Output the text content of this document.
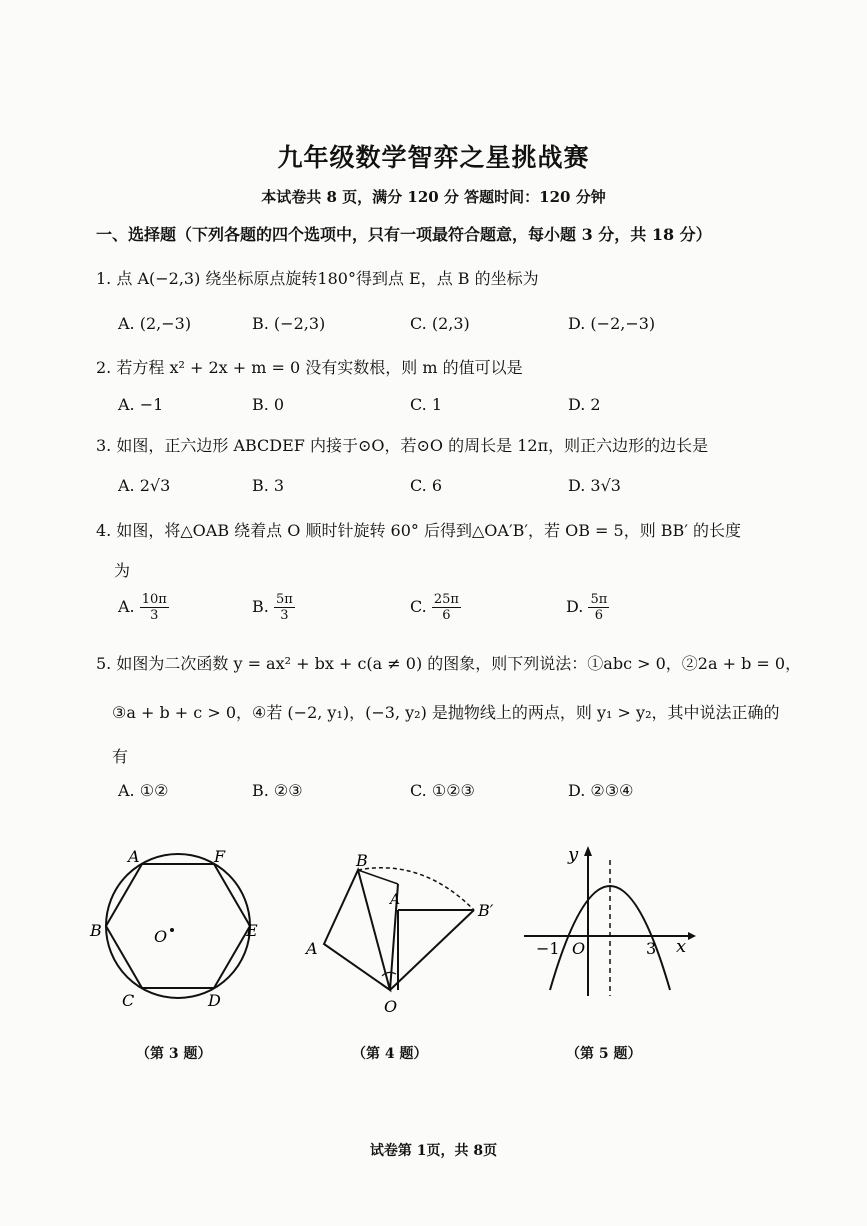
九年级数学智弈之星挑战赛
本试卷共 8 页，满分 120 分 答题时间：120 分钟
一、选择题（下列各题的四个选项中，只有一项最符合题意，每小题 3 分，共 18 分）
1. 点 A(−2,3) 绕坐标原点旋转180°得到点 E，点 B 的坐标为
A. (2,−3)	B. (−2,3)	C. (2,3)	D. (−2,−3)
2. 若方程 x² + 2x + m = 0 没有实数根，则 m 的值可以是
A. −1	B. 0	C. 1	D. 2
3. 如图，正六边形 ABCDEF 内接于⊙O，若⊙O 的周长是 12π，则正六边形的边长是
A. 2√3	B. 3	C. 6	D. 3√3
4. 如图，将△OAB 绕着点 O 顺时针旋转 60° 后得到△OA′B′，若 OB = 5，则 BB′ 的长度
为
A. $\frac{10\pi}{3}$	B. $\frac{5\pi}{3}$	C. $\frac{25\pi}{6}$	D. $\frac{5\pi}{6}$
5. 如图为二次函数 y = ax² + bx + c(a ≠ 0) 的图象，则下列说法：①abc > 0，②2a + b = 0，
③a + b + c > 0，④若 (−2, y₁)，(−3, y₂) 是抛物线上的两点，则 y₁ > y₂，其中说法正确的
有
A. ①②	B. ②③	C. ①②③	D. ②③④
A	F
B	E
C	D
O
（第 3 题）
B
A
B′
A
O
（第 4 题）
y
x
O
−1	3
（第 5 题）
试卷第 1页，共 8页
